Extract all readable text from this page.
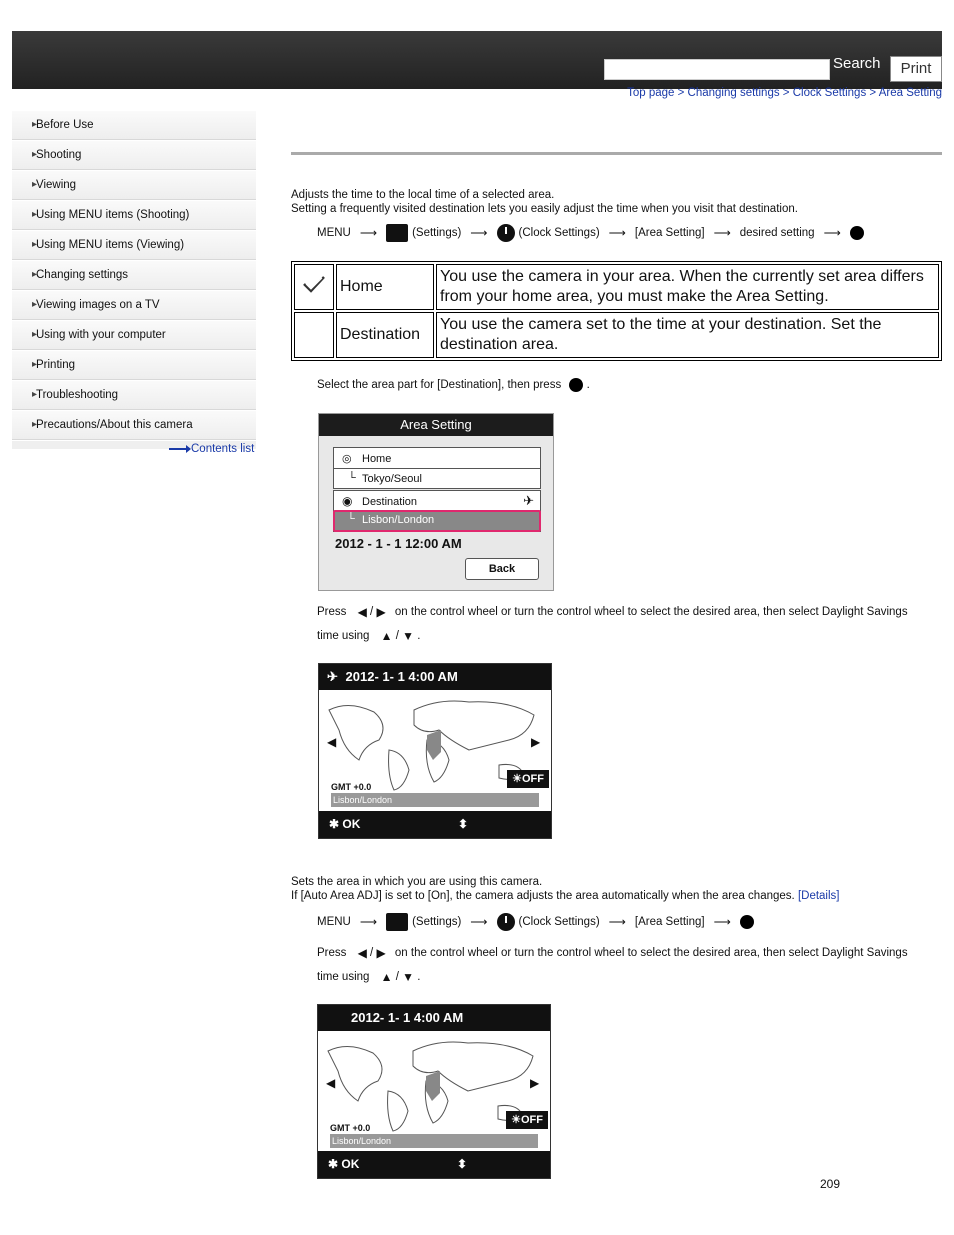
Search	Print
Top page > Changing settings > Clock Settings > Area Setting
▸ Before Use
▸ Shooting
▸ Viewing
▸ Using MENU items (Shooting)
▸ Using MENU items (Viewing)
▸ Changing settings
▸ Viewing images on a TV
▸ Using with your computer
▸ Printing
▸ Troubleshooting
▸ Precautions/About this camera
Contents list
Adjusts the time to the local time of a selected area.
Setting a frequently visited destination lets you easily adjust the time when you visit that destination.
MENU ⟶	(Settings) ⟶	(Clock Settings) ⟶ [Area Setting] ⟶ desired setting ⟶
	Home	You use the camera in your area. When the currently set area differs from your home area, you must make the Area Setting.
	Destination	You use the camera set to the time at your destination. Set the destination area.
Select the area part for [Destination], then press .
Area Setting
◎ Home
└ Tokyo/Seoul
◉ Destination	✈
└ Lisbon/London
2012 - 1 - 1 12:00 AM
Back
Press ◀ / ▶ on the control wheel or turn the control wheel to select the desired area, then select Daylight Savings
time using ▲ / ▼ .
✈ 2012- 1- 1 4:00 AM
◀	▶
☀OFF
GMT +0.0
Lisbon/London
✱ OK	⬍
Sets the area in which you are using this camera.
If [Auto Area ADJ] is set to [On], the camera adjusts the area automatically when the area changes. [Details]
MENU ⟶	(Settings) ⟶	(Clock Settings) ⟶ [Area Setting] ⟶
Press ◀ / ▶ on the control wheel or turn the control wheel to select the desired area, then select Daylight Savings
time using ▲ / ▼ .
2012- 1- 1 4:00 AM
◀	▶
☀OFF
GMT +0.0
Lisbon/London
✱ OK	⬍
209
